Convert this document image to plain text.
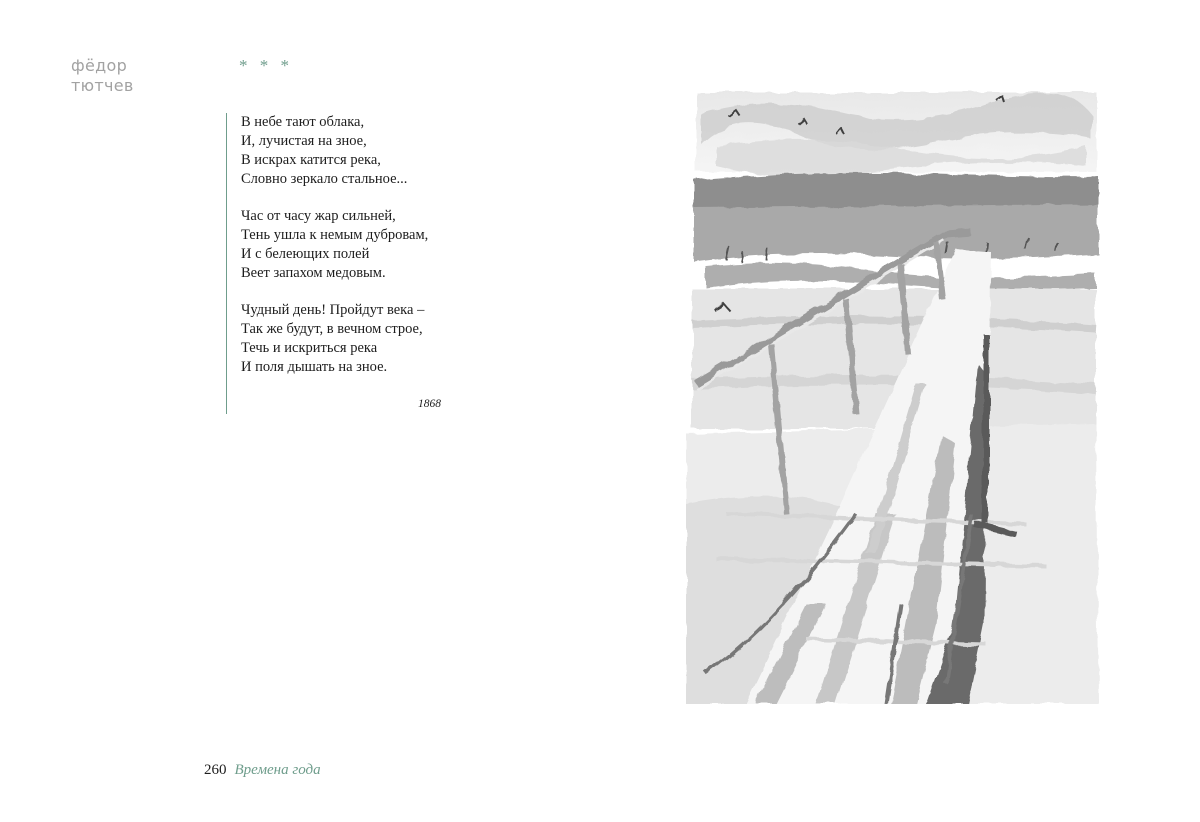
фёдор
тютчев
* * *
В небе тают облака,
И, лучистая на зное,
В искрах катится река,
Словно зеркало стальное...
Час от часу жар сильней,
Тень ушла к немым дубровам,
И с белеющих полей
Веет запахом медовым.
Чудный день! Пройдут века –
Так же будут, в вечном строе,
Течь и искриться река
И поля дышать на зное.
1868
260 Времена года
